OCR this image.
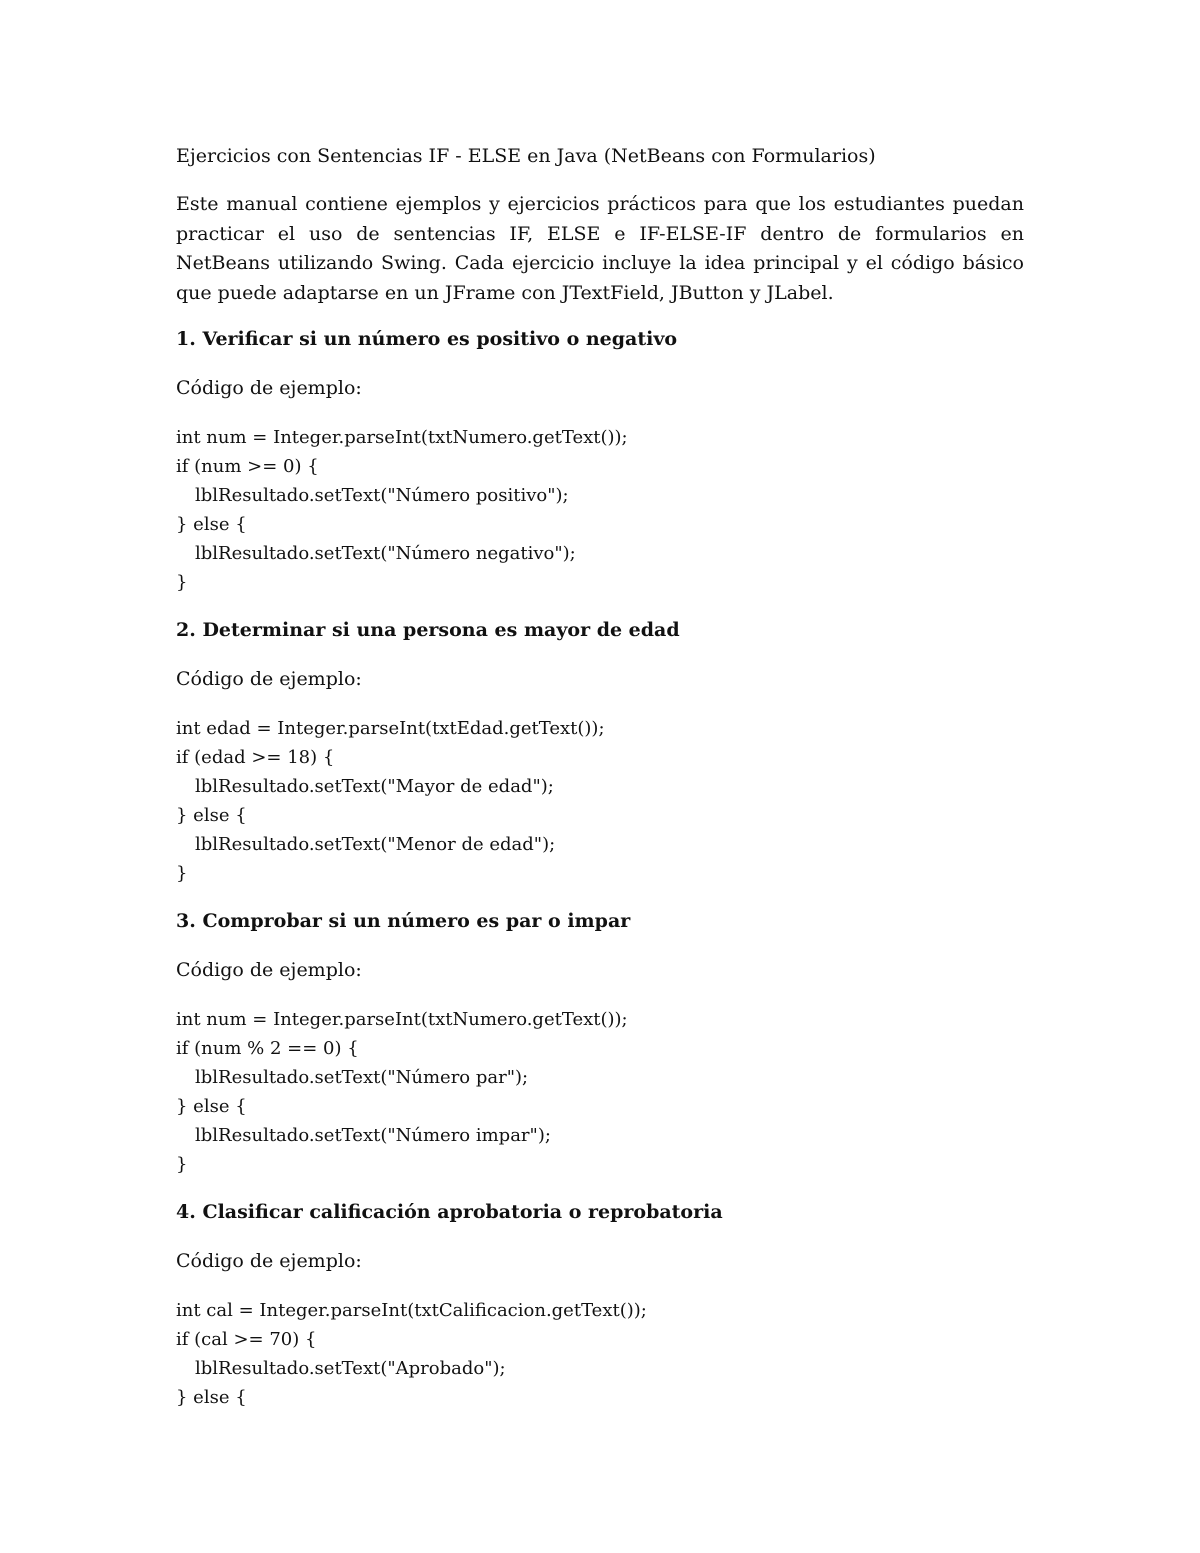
Ejercicios con Sentencias IF - ELSE en Java (NetBeans con Formularios)
Este manual contiene ejemplos y ejercicios prácticos para que los estudiantes puedan practicar el uso de sentencias IF, ELSE e IF-ELSE-IF dentro de formularios en NetBeans utilizando Swing. Cada ejercicio incluye la idea principal y el código básico que puede adaptarse en un JFrame con JTextField, JButton y JLabel.
1. Verificar si un número es positivo o negativo
Código de ejemplo:
int num = Integer.parseInt(txtNumero.getText());
if (num >= 0) {
lblResultado.setText("Número positivo");
} else {
lblResultado.setText("Número negativo");
}
2. Determinar si una persona es mayor de edad
Código de ejemplo:
int edad = Integer.parseInt(txtEdad.getText());
if (edad >= 18) {
lblResultado.setText("Mayor de edad");
} else {
lblResultado.setText("Menor de edad");
}
3. Comprobar si un número es par o impar
Código de ejemplo:
int num = Integer.parseInt(txtNumero.getText());
if (num % 2 == 0) {
lblResultado.setText("Número par");
} else {
lblResultado.setText("Número impar");
}
4. Clasificar calificación aprobatoria o reprobatoria
Código de ejemplo:
int cal = Integer.parseInt(txtCalificacion.getText());
if (cal >= 70) {
lblResultado.setText("Aprobado");
} else {
